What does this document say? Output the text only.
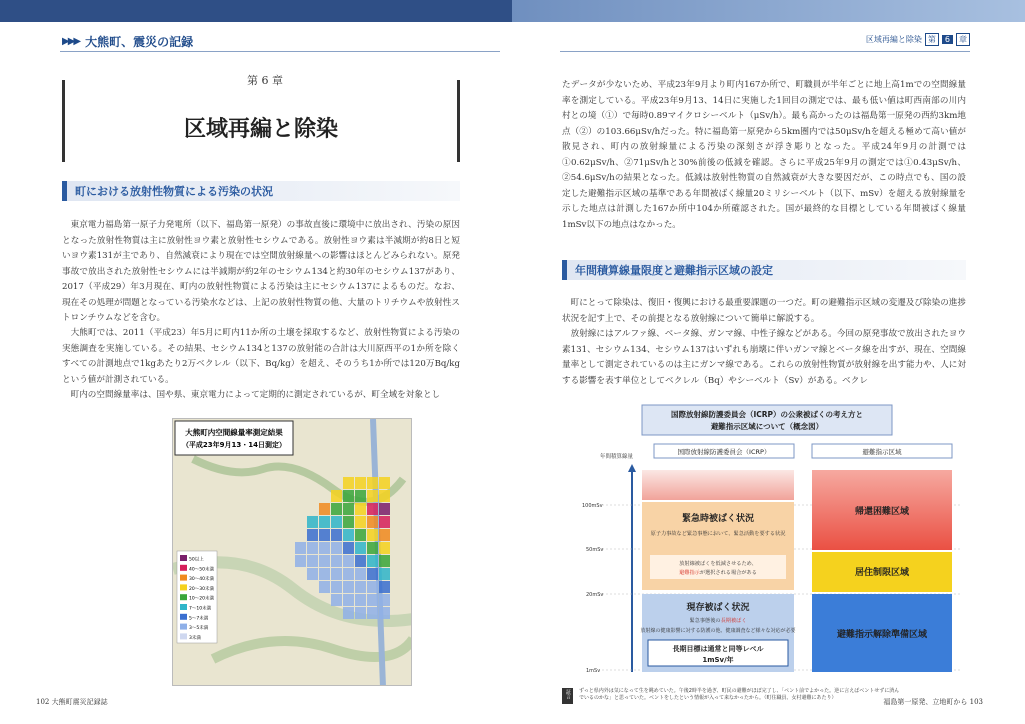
▶▶▶ 大熊町、震災の記録	区域再編と除染 第	6	章
第 6 章
区域再編と除染
町における放射性物質による汚染の状況
東京電力福島第一原子力発電所（以下、福島第一原発）の事故直後に環境中に放出され、汚染の原因となった放射性物質は主に放射性ヨウ素と放射性セシウムである。放射性ヨウ素は半減期が約8日と短いヨウ素131が主であり、自然減衰により現在では空間放射線量への影響はほとんどみられない。原発事故で放出された放射性セシウムには半減期が約2年のセシウム134と約30年のセシウム137があり、2017（平成29）年3月現在、町内の放射性物質による汚染は主にセシウム137によるものだ。なお、現在その処理が問題となっている汚染水などは、上記の放射性物質の他、大量のトリチウムや放射性ストロンチウムなどを含む。
大熊町では、2011（平成23）年5月に町内11か所の土壌を採取するなど、放射性物質による汚染の実態調査を実施している。その結果、セシウム134と137の放射能の合計は大川原西平の1か所を除くすべての計測地点で1kgあたり2万ベクレル（以下、Bq/kg）を超え、そのうち1か所では120万Bq/kgという値が計測されている。
町内の空間線量率は、国や県、東京電力によって定期的に測定されているが、町全域を対象とし
大熊町内空間線量率測定結果
（平成23年9月13・14日測定）
50以上
40〜50未満
30〜40未満
20〜30未満
10〜20未満
7〜10未満
5〜7未満
3〜5未満
3未満
たデータが少ないため、平成23年9月より町内167か所で、町職員が半年ごとに地上高1mでの空間線量率を測定している。平成23年9月13、14日に実施した1回目の測定では、最も低い値は町西南部の川内村との境（①）で毎時0.89マイクロシーベルト（μSv/h）。最も高かったのは福島第一原発の西約3km地点（②）の103.66μSv/hだった。特に福島第一原発から5km圏内では50μSv/hを超える極めて高い値が散見され、町内の放射線量による汚染の深刻さが浮き彫りとなった。平成24年9月の計測では①0.62μSv/h、②71μSv/hと30%前後の低減を確認。さらに平成25年9月の測定では①0.43μSv/h、②54.6μSv/hの結果となった。低減は放射性物質の自然減衰が大きな要因だが、この時点でも、国の設定した避難指示区域の基準である年間被ばく線量20ミリシーベルト（以下、mSv）を超える放射線量を示した地点は計測した167か所中104か所確認された。国が最終的な目標としている年間被ばく線量1mSv以下の地点はなかった。
年間積算線量限度と避難指示区域の設定
町にとって除染は、復旧・復興における最重要課題の一つだ。町の避難指示区域の変遷及び除染の進捗状況を記す上で、その前提となる放射線について簡単に解説する。
放射線にはアルファ線、ベータ線、ガンマ線、中性子線などがある。今回の原発事故で放出されたヨウ素131、セシウム134、セシウム137はいずれも崩壊に伴いガンマ線とベータ線を出すが、現在、空間線量率として測定されているのは主にガンマ線である。これらの放射性物質が放射線を出す能力や、人に対する影響を表す単位としてベクレル（Bq）やシーベルト（Sv）がある。ベクレ
国際放射線防護委員会（ICRP）の公衆被ばくの考え方と
避難指示区域について（概念図）
年間積算線量
国際放射線防護委員会（ICRP）	避難指示区域
100mSv
50mSv
20mSv
1mSv
緊急時被ばく状況
原子力事故など緊急事態において、緊急活動を要する状況
放射線被ばくを低減させるため、
避難指示が選択される場合がある
現存被ばく状況
緊急事態後の長期被ばく
放射線の健康影響に対する防護の他、健康調査など様々な対応が必要
長期目標は通常と同等レベル
1mSv/年
帰還困難区域
居住制限区域
避難指示解除準備区域
証言	ずっと県内外は気になって生を眺めていた。午後2時半を過ぎ、町民の避難がほぼ完了し、「ペント前でよかった。逆に言えばベントせずに済んでいるのかな」と思っていた。ベントをしたという情報が入って来なかったから。（町住職員、女村避難にあたり）
102 大熊町震災記録誌	福島第一原発、立地町から 103
